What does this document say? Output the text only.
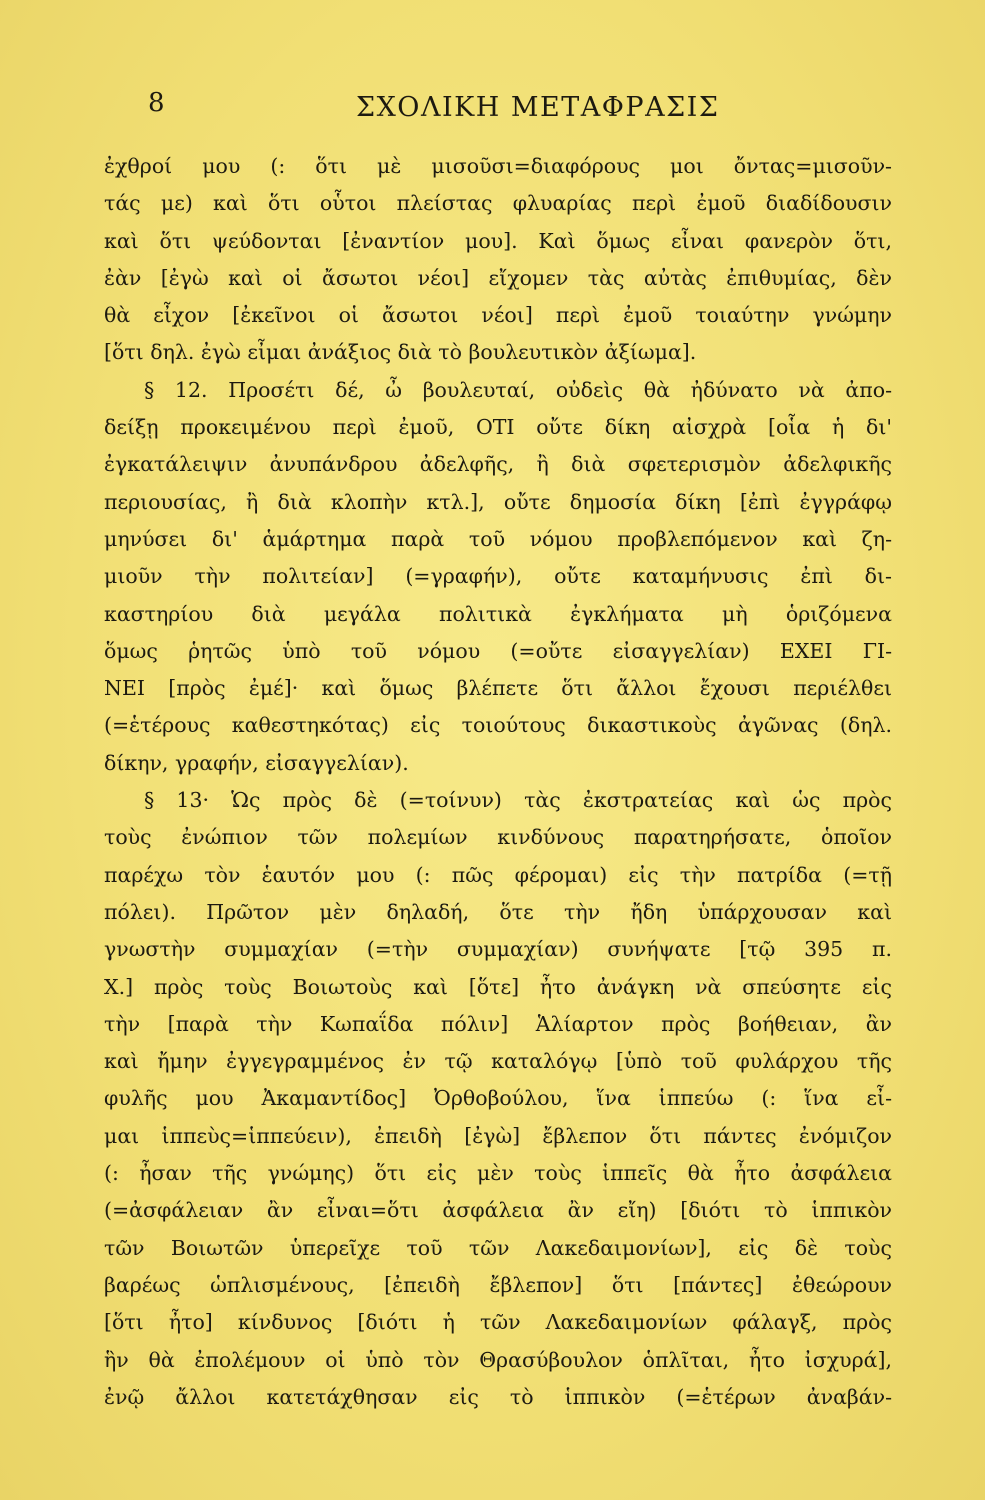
8	ΣΧΟΛΙΚΗ ΜΕΤΑΦΡΑΣΙΣ
ἐχθροί μου (: ὅτι μὲ μισοῦσι=διαφόρους μοι ὄντας=μισοῦν-
τάς με) καὶ ὅτι οὗτοι πλείστας φλυαρίας περὶ ἐμοῦ διαδίδουσιν
καὶ ὅτι ψεύδονται [ἐναντίον μου]. Καὶ ὅμως εἶναι φανερὸν ὅτι,
ἐὰν [ἐγὼ καὶ οἱ ἄσωτοι νέοι] εἴχομεν τὰς αὐτὰς ἐπιθυμίας, δὲν
θὰ εἶχον [ἐκεῖνοι οἱ ἄσωτοι νέοι] περὶ ἐμοῦ τοιαύτην γνώμην
[ὅτι δηλ. ἐγὼ εἶμαι ἀνάξιος διὰ τὸ βουλευτικὸν ἀξίωμα].
§ 12. Προσέτι δέ, ὦ βουλευταί, οὐδεὶς θὰ ἠδύνατο νὰ ἀπο-
δείξῃ προκειμένου περὶ ἐμοῦ, ΟΤΙ οὔτε δίκη αἰσχρὰ [οἷα ἡ δι'
ἐγκατάλειψιν ἀνυπάνδρου ἀδελφῆς, ἢ διὰ σφετερισμὸν ἀδελφικῆς
περιουσίας, ἢ διὰ κλοπὴν κτλ.], οὔτε δημοσία δίκη [ἐπὶ ἐγγράφῳ
μηνύσει δι' ἁμάρτημα παρὰ τοῦ νόμου προβλεπόμενον καὶ ζη-
μιοῦν τὴν πολιτείαν] (=γραφήν), οὔτε καταμήνυσις ἐπὶ δι-
καστηρίου διὰ μεγάλα πολιτικὰ ἐγκλήματα μὴ ὁριζόμενα
ὅμως ῥητῶς ὑπὸ τοῦ νόμου (=οὔτε εἰσαγγελίαν) ΕΧΕΙ ΓΙ-
ΝΕΙ [πρὸς ἐμέ]· καὶ ὅμως βλέπετε ὅτι ἄλλοι ἔχουσι περιέλθει
(=ἑτέρους καθεστηκότας) εἰς τοιούτους δικαστικοὺς ἀγῶνας (δηλ.
δίκην, γραφήν, εἰσαγγελίαν).
§ 13· Ὡς πρὸς δὲ (=τοίνυν) τὰς ἐκστρατείας καὶ ὡς πρὸς
τοὺς ἐνώπιον τῶν πολεμίων κινδύνους παρατηρήσατε, ὁποῖον
παρέχω τὸν ἑαυτόν μου (: πῶς φέρομαι) εἰς τὴν πατρίδα (=τῇ
πόλει). Πρῶτον μὲν δηλαδή, ὅτε τὴν ἤδη ὑπάρχουσαν καὶ
γνωστὴν συμμαχίαν (=τὴν συμμαχίαν) συνήψατε [τῷ 395 π.
Χ.] πρὸς τοὺς Βοιωτοὺς καὶ [ὅτε] ἦτο ἀνάγκη νὰ σπεύσητε εἰς
τὴν [παρὰ τὴν Κωπαΐδα πόλιν] Ἁλίαρτον πρὸς βοήθειαν, ἂν
καὶ ἤμην ἐγγεγραμμένος ἐν τῷ καταλόγῳ [ὑπὸ τοῦ φυλάρχου τῆς
φυλῆς μου Ἀκαμαντίδος] Ὀρθοβούλου, ἵνα ἱππεύω (: ἵνα εἶ-
μαι ἱππεὺς=ἱππεύειν), ἐπειδὴ [ἐγὼ] ἔβλεπον ὅτι πάντες ἐνόμιζον
(: ἦσαν τῆς γνώμης) ὅτι εἰς μὲν τοὺς ἱππεῖς θὰ ἦτο ἀσφάλεια
(=ἀσφάλειαν ἂν εἶναι=ὅτι ἀσφάλεια ἂν εἴη) [διότι τὸ ἱππικὸν
τῶν Βοιωτῶν ὑπερεῖχε τοῦ τῶν Λακεδαιμονίων], εἰς δὲ τοὺς
βαρέως ὡπλισμένους, [ἐπειδὴ ἔβλεπον] ὅτι [πάντες] ἐθεώρουν
[ὅτι ἦτο] κίνδυνος [διότι ἡ τῶν Λακεδαιμονίων φάλαγξ, πρὸς
ἣν θὰ ἐπολέμουν οἱ ὑπὸ τὸν Θρασύβουλον ὁπλῖται, ἦτο ἰσχυρά],
ἐνῷ ἄλλοι κατετάχθησαν εἰς τὸ ἱππικὸν (=ἑτέρων ἀναβάν-
